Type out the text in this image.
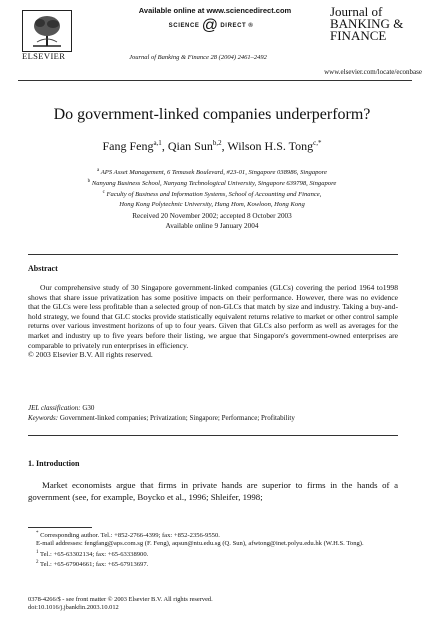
ELSEVIER
Available online at www.sciencedirect.com
SCIENCE @ DIRECT ®
Journal of Banking & Finance 28 (2004) 2461–2492
Journal of
BANKING &
FINANCE
www.elsevier.com/locate/econbase
Do government-linked companies underperform?
Fang Feng$^{a,1}$, Qian Sun$^{b,2}$, Wilson H.S. Tong$^{c,*}$
$^a$ APS Asset Management, 6 Temasek Boulevard, #23-01, Singapore 038986, Singapore
$^b$ Nanyang Business School, Nanyang Technological University, Singapore 639798, Singapore
$^c$ Faculty of Business and Information Systems, School of Accounting and Finance,
Hong Kong Polytechnic University, Hung Hom, Kowloon, Hong Kong
Received 20 November 2002; accepted 8 October 2003
Available online 9 January 2004
Abstract

Our comprehensive study of 30 Singapore government-linked companies (GLCs) covering the period 1964 to1998 shows that share issue privatization has some positive impacts on their performance. However, there was no evidence that the GLCs were less profitable than a selected group of non-GLCs that match by size and industry. Taking a buy-and-hold strategy, we found that GLC stocks provide statistically equivalent returns relative to market or other control sample returns over various investment horizons of up to four years. Given that GLCs also perform as well as averages for the market and industry up to five years before their listing, we argue that Singapore's government-owned enterprises are comparable to privately run enterprises in efficiency.

© 2003 Elsevier B.V. All rights reserved.
JEL classification: G30
Keywords: Government-linked companies; Privatization; Singapore; Performance; Profitability
1. Introduction

Market economists argue that firms in private hands are superior to firms in the hands of a government (see, for example, Boycko et al., 1996; Shleifer, 1998;

* Corresponding author. Tel.: +852-2766-4399; fax: +852-2356-9550.
E-mail addresses: fengfang@aps.com.sg (F. Feng), aqsun@ntu.edu.sg (Q. Sun), afwtong@inet.polyu.edu.hk (W.H.S. Tong).
$^1$ Tel.: +65-63302134; fax: +65-63338900.
$^2$ Tel.: +65-67904661; fax: +65-67913697.
0378-4266/$ - see front matter © 2003 Elsevier B.V. All rights reserved.
doi:10.1016/j.jbankfin.2003.10.012
